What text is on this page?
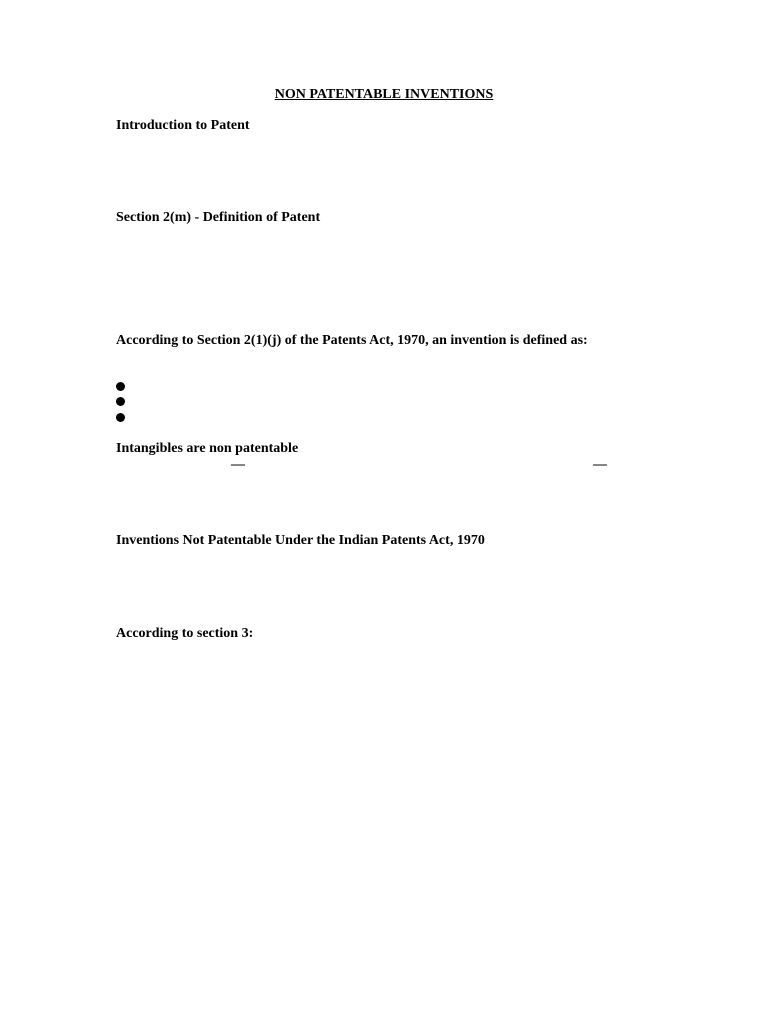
NON PATENTABLE INVENTIONS
Introduction to Patent
Section 2(m) - Definition of Patent
According to Section 2(1)(j) of the Patents Act, 1970, an invention is defined as:
Intangibles are non patentable
—	—
Inventions Not Patentable Under the Indian Patents Act, 1970
According to section 3:
